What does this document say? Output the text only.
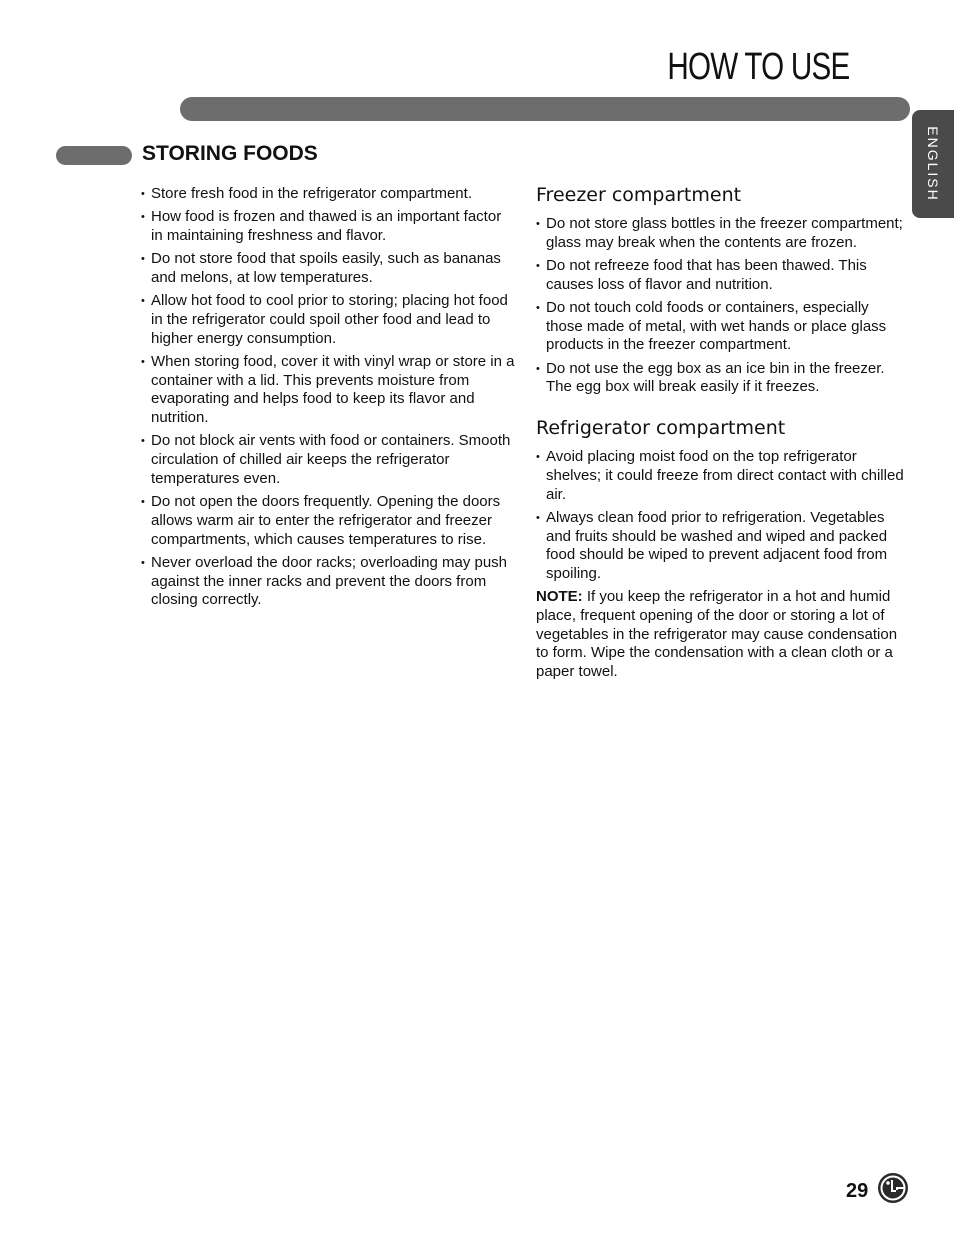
HOW TO USE
ENGLISH
STORING FOODS
• Store fresh food in the refrigerator compartment.
• How food is frozen and thawed is an important factor in maintaining freshness and flavor.
• Do not store food that spoils easily, such as bananas and melons, at low temperatures.
• Allow hot food to cool prior to storing; placing hot food in the refrigerator could spoil other food and lead to higher energy consumption.
• When storing food, cover it with vinyl wrap or store in a container with a lid. This prevents moisture from evaporating and helps food to keep its flavor and nutrition.
• Do not block air vents with food or containers. Smooth circulation of chilled air keeps the refrigerator temperatures even.
• Do not open the doors frequently. Opening the doors allows warm air to enter the refrigerator and freezer compartments, which causes temperatures to rise.
• Never overload the door racks; overloading may push against the inner racks and prevent the doors from closing correctly.
Freezer compartment
• Do not store glass bottles in the freezer compartment; glass may break when the contents are frozen.
• Do not refreeze food that has been thawed. This causes loss of flavor and nutrition.
• Do not touch cold foods or containers, especially those made of metal, with wet hands or place glass products in the freezer compartment.
• Do not use the egg box as an ice bin in the freezer. The egg box will break easily if it freezes.
Refrigerator compartment
• Avoid placing moist food on the top refrigerator shelves; it could freeze from direct contact with chilled air.
• Always clean food prior to refrigeration. Vegetables and fruits should be washed and wiped and packed food should be wiped to prevent adjacent food from spoiling.

NOTE: If you keep the refrigerator in a hot and humid place, frequent opening of the door or storing a lot of vegetables in the refrigerator may cause condensation to form. Wipe the condensation with a clean cloth or a paper towel.

29
